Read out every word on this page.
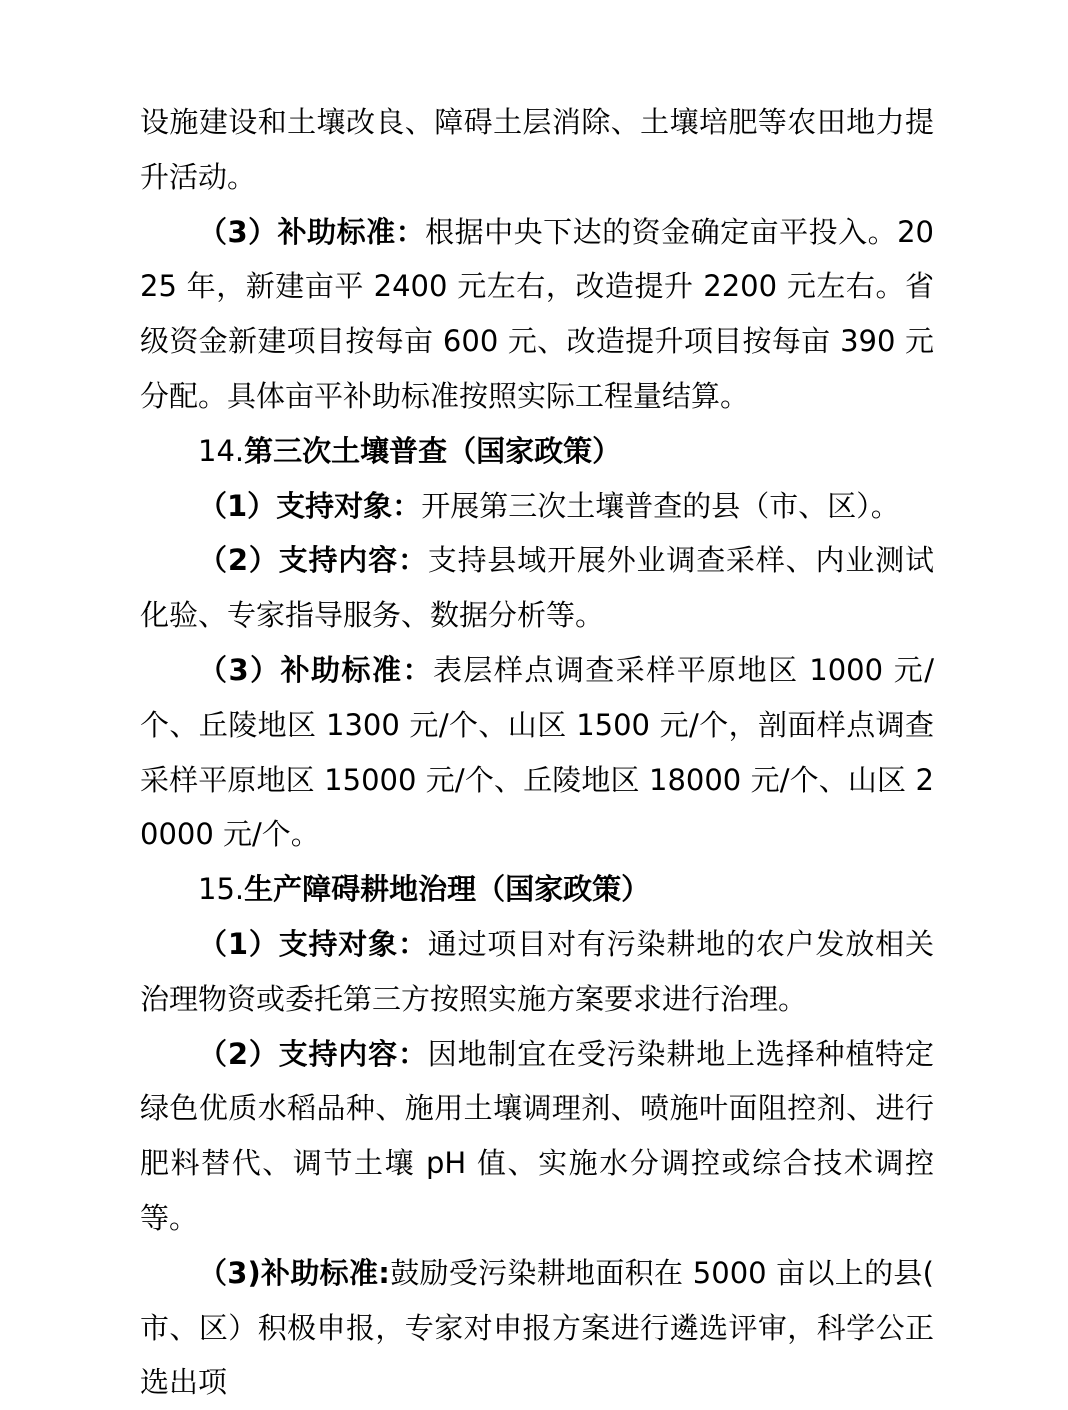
设施建设和土壤改良、障碍土层消除、土壤培肥等农田地力提升活动。

（3）补助标准：根据中央下达的资金确定亩平投入。2025 年，新建亩平 2400 元左右，改造提升 2200 元左右。省级资金新建项目按每亩 600 元、改造提升项目按每亩 390 元分配。具体亩平补助标准按照实际工程量结算。

14.第三次土壤普查（国家政策）

（1）支持对象：开展第三次土壤普查的县（市、区）。

（2）支持内容：支持县域开展外业调查采样、内业测试化验、专家指导服务、数据分析等。

（3）补助标准：表层样点调查采样平原地区 1000 元/个、丘陵地区 1300 元/个、山区 1500 元/个，剖面样点调查采样平原地区 15000 元/个、丘陵地区 18000 元/个、山区 20000 元/个。

15.生产障碍耕地治理（国家政策）

（1）支持对象：通过项目对有污染耕地的农户发放相关治理物资或委托第三方按照实施方案要求进行治理。

（2）支持内容：因地制宜在受污染耕地上选择种植特定绿色优质水稻品种、施用土壤调理剂、喷施叶面阻控剂、进行肥料替代、调节土壤 pH 值、实施水分调控或综合技术调控等。

（3)补助标准:鼓励受污染耕地面积在 5000 亩以上的县( 市、区）积极申报，专家对申报方案进行遴选评审，科学公正选出项
